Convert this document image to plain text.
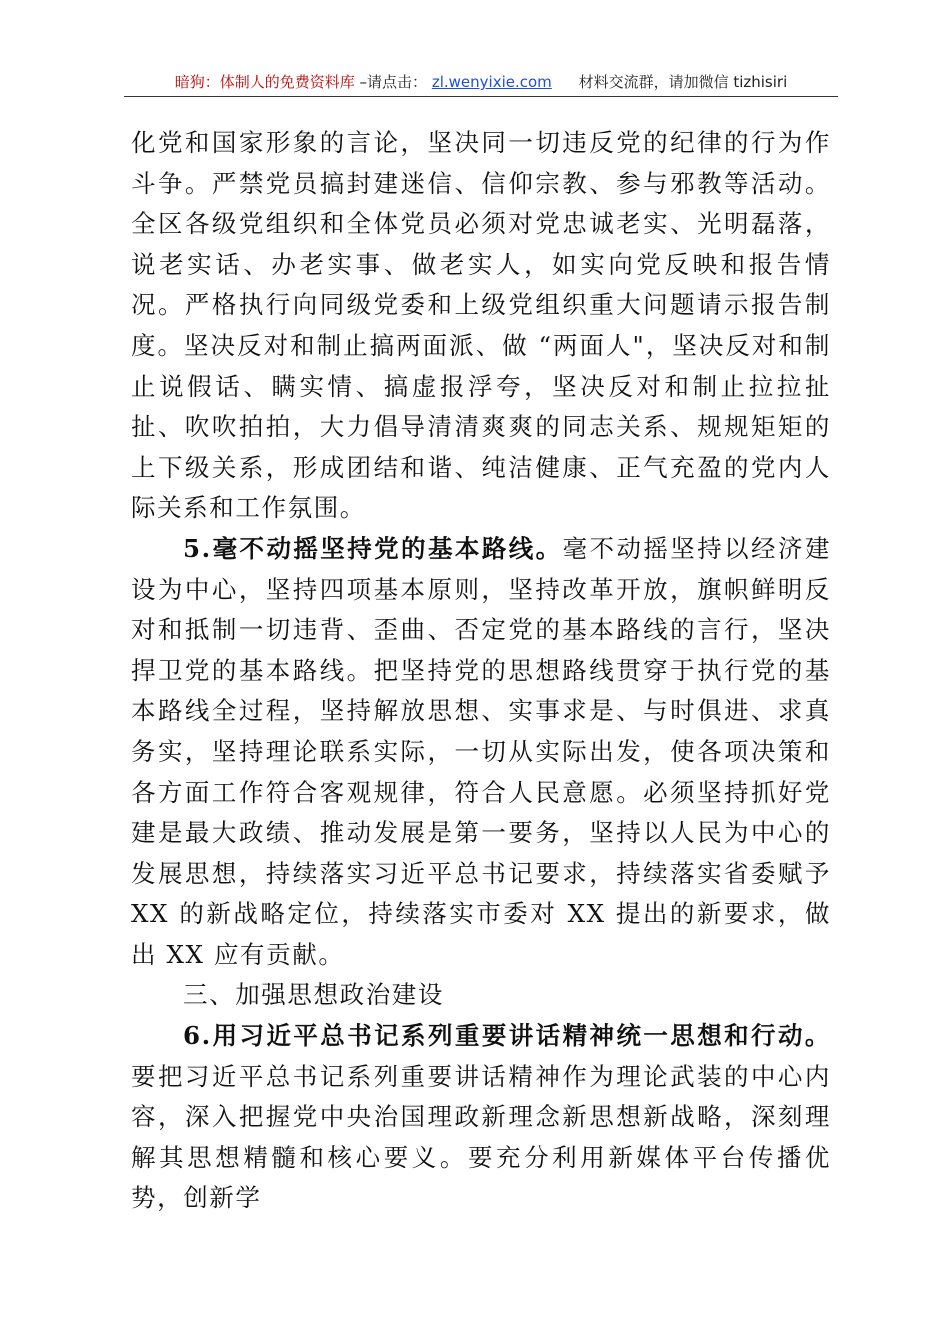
暗狗：体制人的免费资料库 –请点击： zl.wenyixie.com 材料交流群，请加微信 tizhisiri

化党和国家形象的言论，坚决同一切违反党的纪律的行为作斗争。严禁党员搞封建迷信、信仰宗教、参与邪教等活动。全区各级党组织和全体党员必须对党忠诚老实、光明磊落，说老实话、办老实事、做老实人，如实向党反映和报告情况。严格执行向同级党委和上级党组织重大问题请示报告制度。坚决反对和制止搞两面派、做 “两面人"，坚决反对和制止说假话、瞒实情、搞虚报浮夸，坚决反对和制止拉拉扯扯、吹吹拍拍，大力倡导清清爽爽的同志关系、规规矩矩的上下级关系，形成团结和谐、纯洁健康、正气充盈的党内人际关系和工作氛围。

5.毫不动摇坚持党的基本路线。毫不动摇坚持以经济建设为中心，坚持四项基本原则，坚持改革开放，旗帜鲜明反对和抵制一切违背、歪曲、否定党的基本路线的言行，坚决捍卫党的基本路线。把坚持党的思想路线贯穿于执行党的基本路线全过程，坚持解放思想、实事求是、与时俱进、求真务实，坚持理论联系实际，一切从实际出发，使各项决策和各方面工作符合客观规律，符合人民意愿。必须坚持抓好党建是最大政绩、推动发展是第一要务，坚持以人民为中心的发展思想，持续落实习近平总书记要求，持续落实省委赋予 XX 的新战略定位，持续落实市委对 XX 提出的新要求，做出 XX 应有贡献。

三、加强思想政治建设

6.用习近平总书记系列重要讲话精神统一思想和行动。要把习近平总书记系列重要讲话精神作为理论武装的中心内容，深入把握党中央治国理政新理念新思想新战略，深刻理解其思想精髓和核心要义。要充分利用新媒体平台传播优势，创新学
